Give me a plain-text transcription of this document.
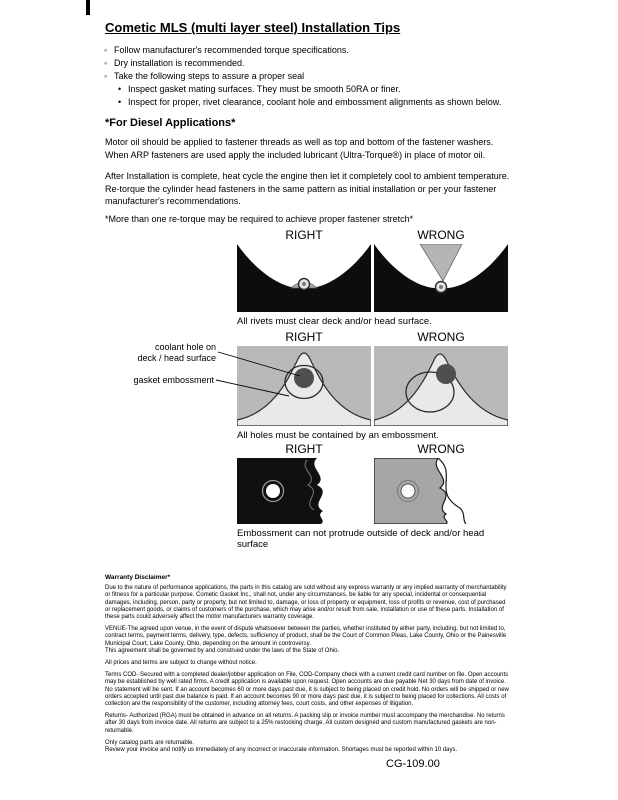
Cometic MLS (multi layer steel) Installation Tips
◦
Follow manufacturer's recommended torque specifications.
◦
Dry installation is recommended.
◦
Take the following steps to assure a proper seal
•
Inspect gasket mating surfaces. They must be smooth 50RA or finer.
•
Inspect for proper, rivet clearance, coolant hole and embossment alignments as shown below.
*For Diesel Applications*
Motor oil should be applied to fastener threads as well as top and bottom of the fastener washers. When ARP fasteners are used apply the included lubricant (Ultra-Torque®) in place of motor oil.
After Installation is complete, heat cycle the engine then let it completely cool to ambient temperature. Re-torque the cylinder head fasteners in the same pattern as initial installation or per your fastener manufacturer's recommendations.
*More than one re-torque may be required to achieve proper fastener stretch*
RIGHT	WRONG
All rivets must clear deck and/or head surface.
RIGHT	WRONG
All holes must be contained by an embossment.
RIGHT	WRONG
Embossment can not protrude outside of deck and/or head surface
coolant hole on
deck / head surface
gasket embossment
Warranty Disclaimer*

Due to the nature of performance applications, the parts in this catalog are sold without any express warranty or any implied warranty of merchantability or fitness for a particular purpose. Cometic Gasket Inc., shall not, under any circumstances, be liable for any special, incidental or consequential damages, including, person, party or property, but not limited to, damage, or loss of property or equipment, loss of profits or revenue, cost of purchased or replacement goods, or claims of customers of the purchase, which may arise and/or result from sale, installation or use of these parts. Installation of these parts could adversely affect the motor manufacturers warranty coverage.

VENUE-The agreed upon venue, in the event of dispute whatsoever between the parties, whether instituted by either party, including, but not limited to, contract terms, payment terms, delivery, type, defects, sufficiency of product, shall be the Court of Common Pleas, Lake County, Ohio or the Painesville Municipal Court, Lake County, Ohio, depending on the amount in controversy.

This agreement shall be governed by and construed under the laws of the State of Ohio.

All prices and terms are subject to change without notice.

Terms COD- Secured with a completed dealer/jobber application on File, COD-Company check with a current credit card number on file. Open accounts may be established by well rated firms. A credit application is available upon request. Open accounts are due payable Net 30 days from date of invoice. No statement will be sent. If an account becomes 60 or more days past due, it is subject to being placed on credit hold. No orders will be shipped or new orders accepted until past due balance is paid. If an account becomes 90 or more days past due, it is subject to being placed for collections. All costs of collection are the responsibility of the customer, including attorney fees, court costs, and other expenses of litigation.

Returns- Authorized (RGA) must be obtained in advance on all returns. A packing slip or invoice number must accompany the merchandise. No returns after 30 days from invoice date. All returns are subject to a 25% restocking charge. All custom designed and custom manufactured gaskets are non-returnable.

Only catalog parts are returnable.

Review your invoice and notify us immediately of any incorrect or inaccurate information. Shortages must be reported within 10 days.

CG-109.00
